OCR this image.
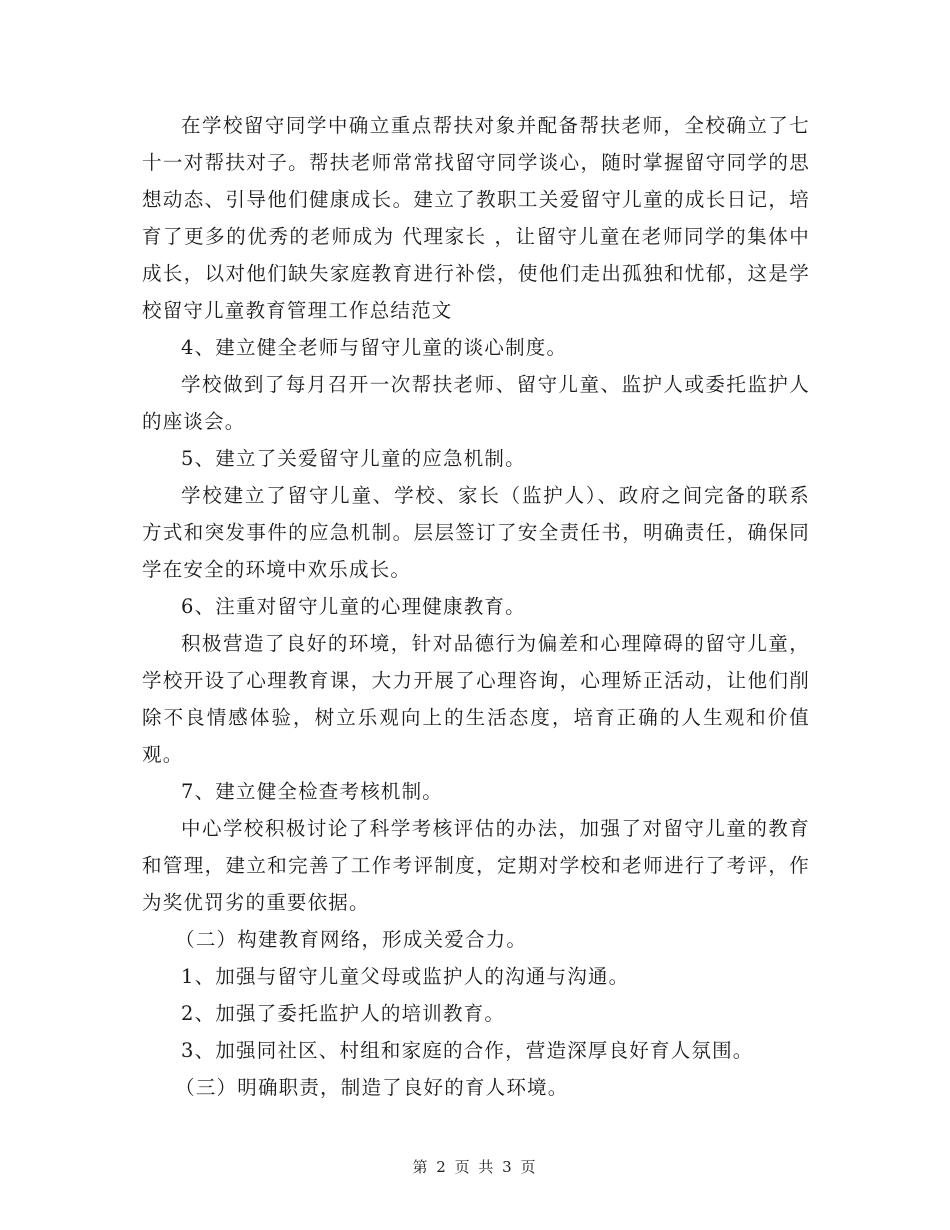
在学校留守同学中确立重点帮扶对象并配备帮扶老师，全校确立了七十一对帮扶对子。帮扶老师常常找留守同学谈心，随时掌握留守同学的思想动态、引导他们健康成长。建立了教职工关爱留守儿童的成长日记，培育了更多的优秀的老师成为 代理家长 ，让留守儿童在老师同学的集体中成长，以对他们缺失家庭教育进行补偿，使他们走出孤独和忧郁，这是学校留守儿童教育管理工作总结范文

4、建立健全老师与留守儿童的谈心制度。

学校做到了每月召开一次帮扶老师、留守儿童、监护人或委托监护人的座谈会。

5、建立了关爱留守儿童的应急机制。

学校建立了留守儿童、学校、家长（监护人）、政府之间完备的联系方式和突发事件的应急机制。层层签订了安全责任书，明确责任，确保同学在安全的环境中欢乐成长。

6、注重对留守儿童的心理健康教育。

积极营造了良好的环境，针对品德行为偏差和心理障碍的留守儿童，学校开设了心理教育课，大力开展了心理咨询，心理矫正活动，让他们削除不良情感体验，树立乐观向上的生活态度，培育正确的人生观和价值观。

7、建立健全检查考核机制。

中心学校积极讨论了科学考核评估的办法，加强了对留守儿童的教育和管理，建立和完善了工作考评制度，定期对学校和老师进行了考评，作为奖优罚劣的重要依据。

（二）构建教育网络，形成关爱合力。

1、加强与留守儿童父母或监护人的沟通与沟通。

2、加强了委托监护人的培训教育。

3、加强同社区、村组和家庭的合作，营造深厚良好育人氛围。

（三）明确职责，制造了良好的育人环境。

第 2 页 共 3 页
